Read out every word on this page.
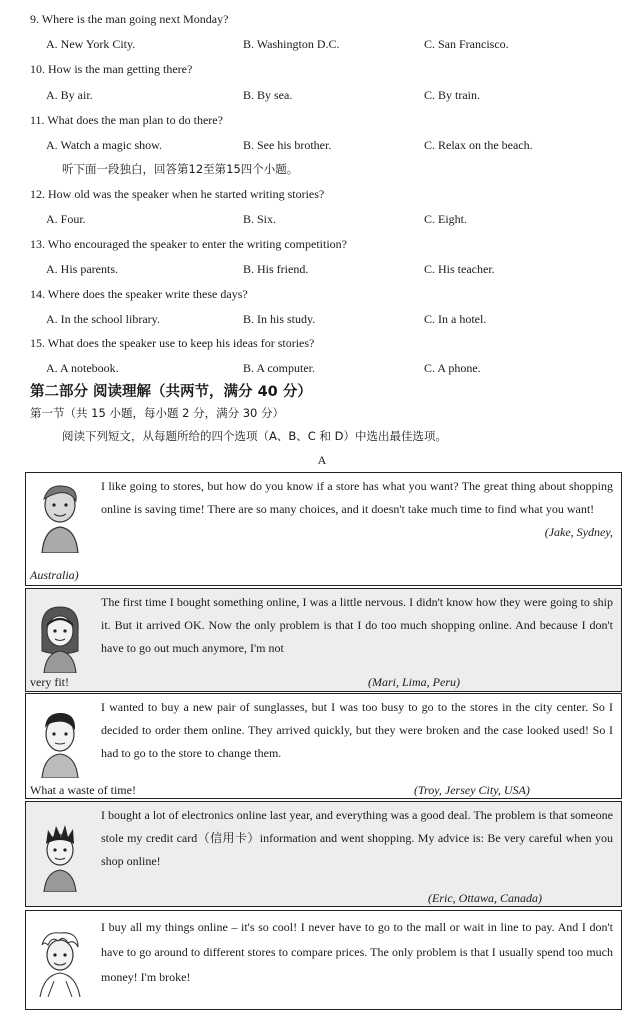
9. Where is the man going next Monday?
A. New York City.	B. Washington D.C.	C. San Francisco.
10. How is the man getting there?
A. By air.	B. By sea.	C. By train.
11. What does the man plan to do there?
A. Watch a magic show.	B. See his brother.	C. Relax on the beach.
听下面一段独白，回答第12至第15四个小题。
12. How old was the speaker when he started writing stories?
A. Four.	B. Six.	C. Eight.
13. Who encouraged the speaker to enter the writing competition?
A. His parents.	B. His friend.	C. His teacher.
14. Where does the speaker write these days?
A. In the school library.	B. In his study.	C. In a hotel.
15. What does the speaker use to keep his ideas for stories?
A. A notebook.	B. A computer.	C. A phone.
第二部分 阅读理解（共两节，满分 40 分）
第一节（共 15 小题，每小题 2 分，满分 30 分）
阅读下列短文，从每题所给的四个选项（A、B、C 和 D）中选出最佳选项。
A
I like going to stores, but how do you know if a store has what you want? The great thing about shopping online is saving time! There are so many choices, and it doesn't take much time to find what you want!
(Jake, Sydney,
Australia)
The first time I bought something online, I was a little nervous. I didn't know how they were going to ship it. But it arrived OK. Now the only problem is that I do too much shopping online. And because I don't have to go out much anymore, I'm not
very fit!	(Mari, Lima, Peru)
I wanted to buy a new pair of sunglasses, but I was too busy to go to the stores in the city center. So I decided to order them online. They arrived quickly, but they were broken and the case looked used! So I had to go to the store to change them.
What a waste of time!	(Troy, Jersey City, USA)
I bought a lot of electronics online last year, and everything was a good deal. The problem is that someone stole my credit card（信用卡）information and went shopping. My advice is: Be very careful when you shop online!
(Eric, Ottawa, Canada)
I buy all my things online – it's so cool! I never have to go to the mall or wait in line to pay. And I don't have to go around to different stores to compare prices. The only problem is that I usually spend too much money! I'm broke!
